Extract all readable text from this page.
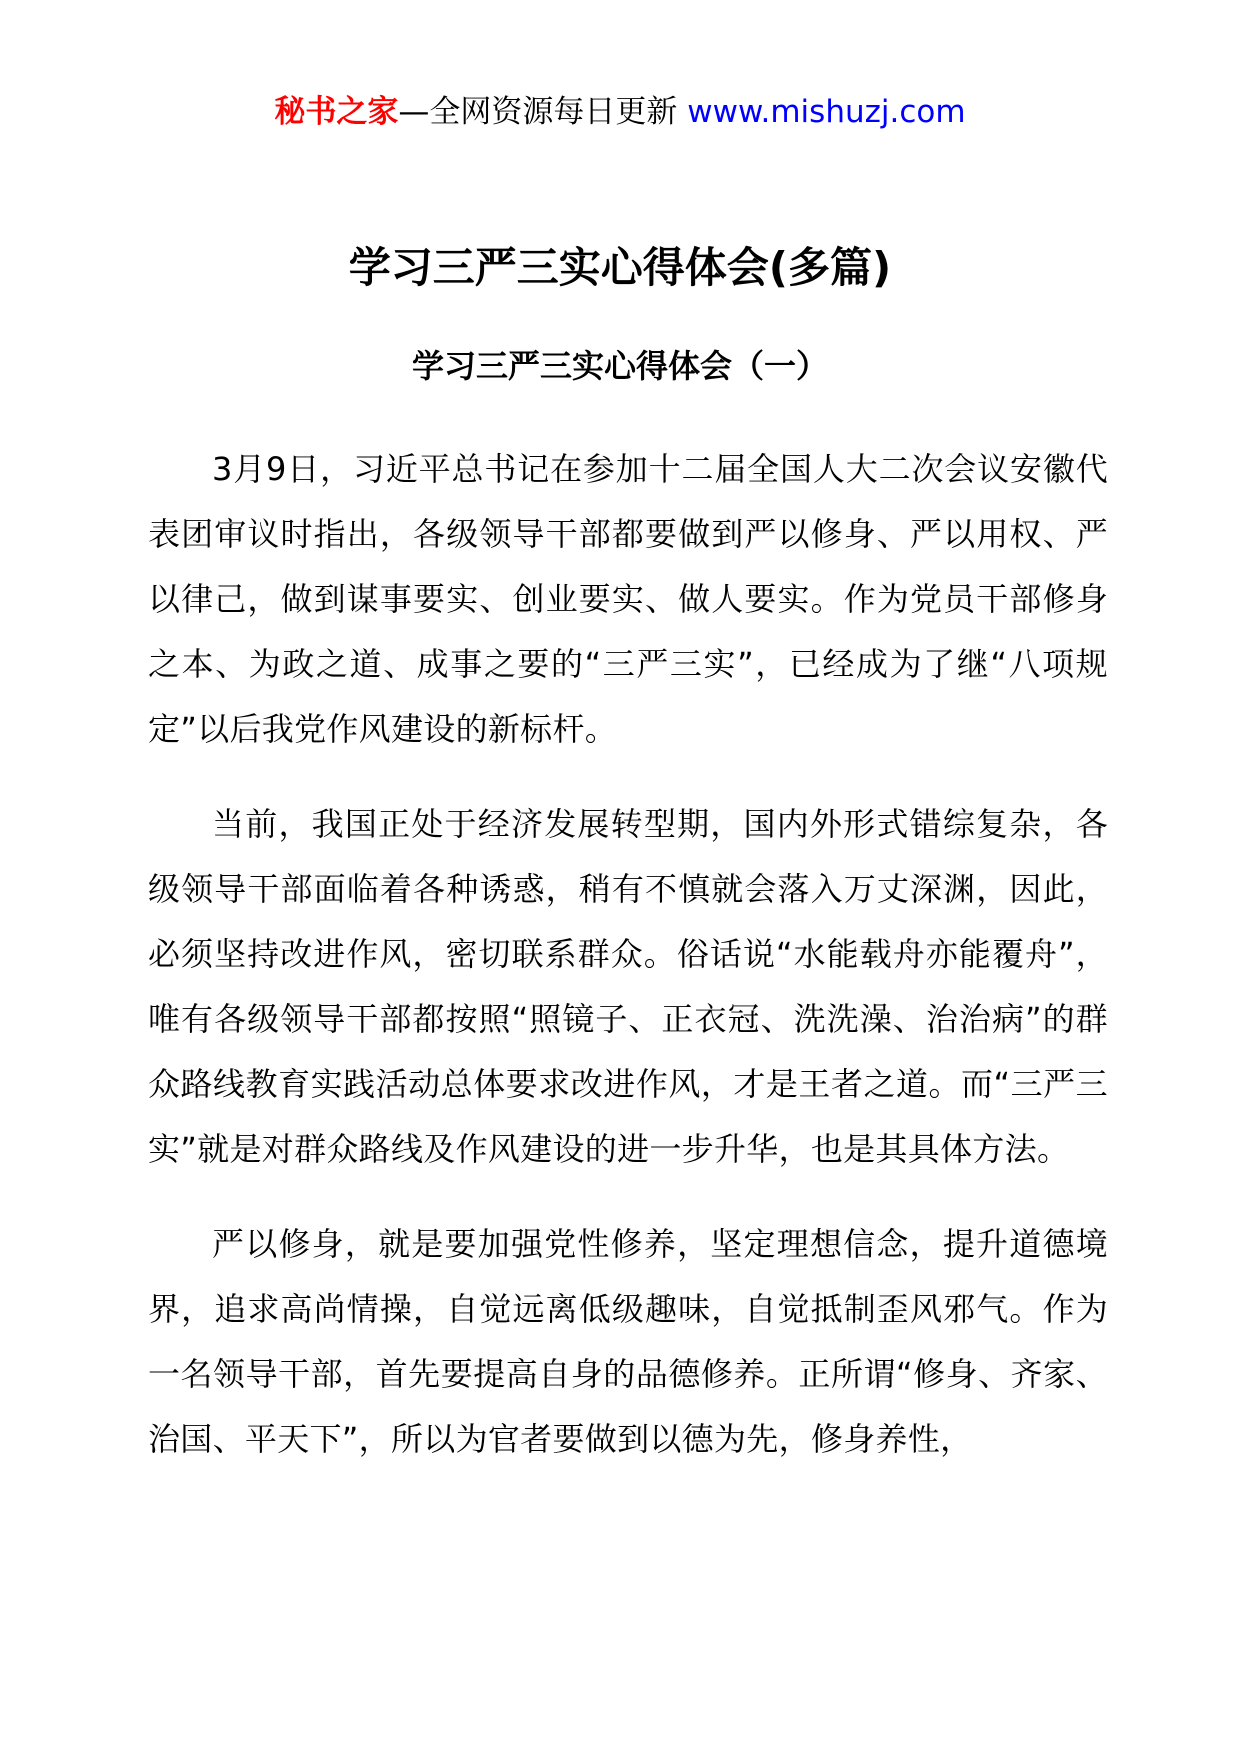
秘书之家—全网资源每日更新 www.mishuzj.com
学习三严三实心得体会(多篇)
学习三严三实心得体会（一）

3月9日，习近平总书记在参加十二届全国人大二次会议安徽代表团审议时指出，各级领导干部都要做到严以修身、严以用权、严以律己，做到谋事要实、创业要实、做人要实。作为党员干部修身之本、为政之道、成事之要的“三严三实”，已经成为了继“八项规定”以后我党作风建设的新标杆。

当前，我国正处于经济发展转型期，国内外形式错综复杂，各级领导干部面临着各种诱惑，稍有不慎就会落入万丈深渊，因此，必须坚持改进作风，密切联系群众。俗话说“水能载舟亦能覆舟”，唯有各级领导干部都按照“照镜子、正衣冠、洗洗澡、治治病”的群众路线教育实践活动总体要求改进作风，才是王者之道。而“三严三实”就是对群众路线及作风建设的进一步升华，也是其具体方法。

严以修身，就是要加强党性修养，坚定理想信念，提升道德境界，追求高尚情操，自觉远离低级趣味，自觉抵制歪风邪气。作为一名领导干部，首先要提高自身的品德修养。正所谓“修身、齐家、治国、平天下”，所以为官者要做到以德为先，修身养性，
